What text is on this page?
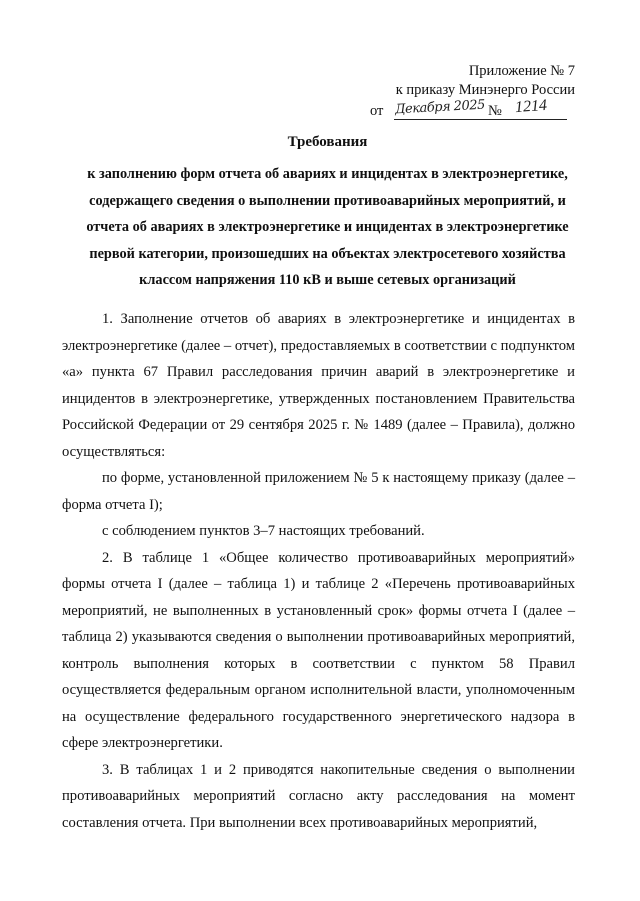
Приложение № 7
к приказу Минэнерго России
от Декабря 2025 № 1214
Требования
к заполнению форм отчета об авариях и инцидентах в электроэнергетике,
содержащего сведения о выполнении противоаварийных мероприятий, и
отчета об авариях в электроэнергетике и инцидентах в электроэнергетике
первой категории, произошедших на объектах электросетевого хозяйства
классом напряжения 110 кВ и выше сетевых организаций

1. Заполнение отчетов об авариях в электроэнергетике и инцидентах в электроэнергетике (далее – отчет), предоставляемых в соответствии с подпунктом «а» пункта 67 Правил расследования причин аварий в электроэнергетике и инцидентов в электроэнергетике, утвержденных постановлением Правительства Российской Федерации от 29 сентября 2025 г. № 1489 (далее – Правила), должно осуществляться:

по форме, установленной приложением № 5 к настоящему приказу (далее – форма отчета I);

с соблюдением пунктов 3–7 настоящих требований.

2. В таблице 1 «Общее количество противоаварийных мероприятий» формы отчета I (далее – таблица 1) и таблице 2 «Перечень противоаварийных мероприятий, не выполненных в установленный срок» формы отчета I (далее – таблица 2) указываются сведения о выполнении противоаварийных мероприятий, контроль выполнения которых в соответствии с пунктом 58 Правил осуществляется федеральным органом исполнительной власти, уполномоченным на осуществление федерального государственного энергетического надзора в сфере электроэнергетики.

3. В таблицах 1 и 2 приводятся накопительные сведения о выполнении противоаварийных мероприятий согласно акту расследования на момент составления отчета. При выполнении всех противоаварийных мероприятий,
